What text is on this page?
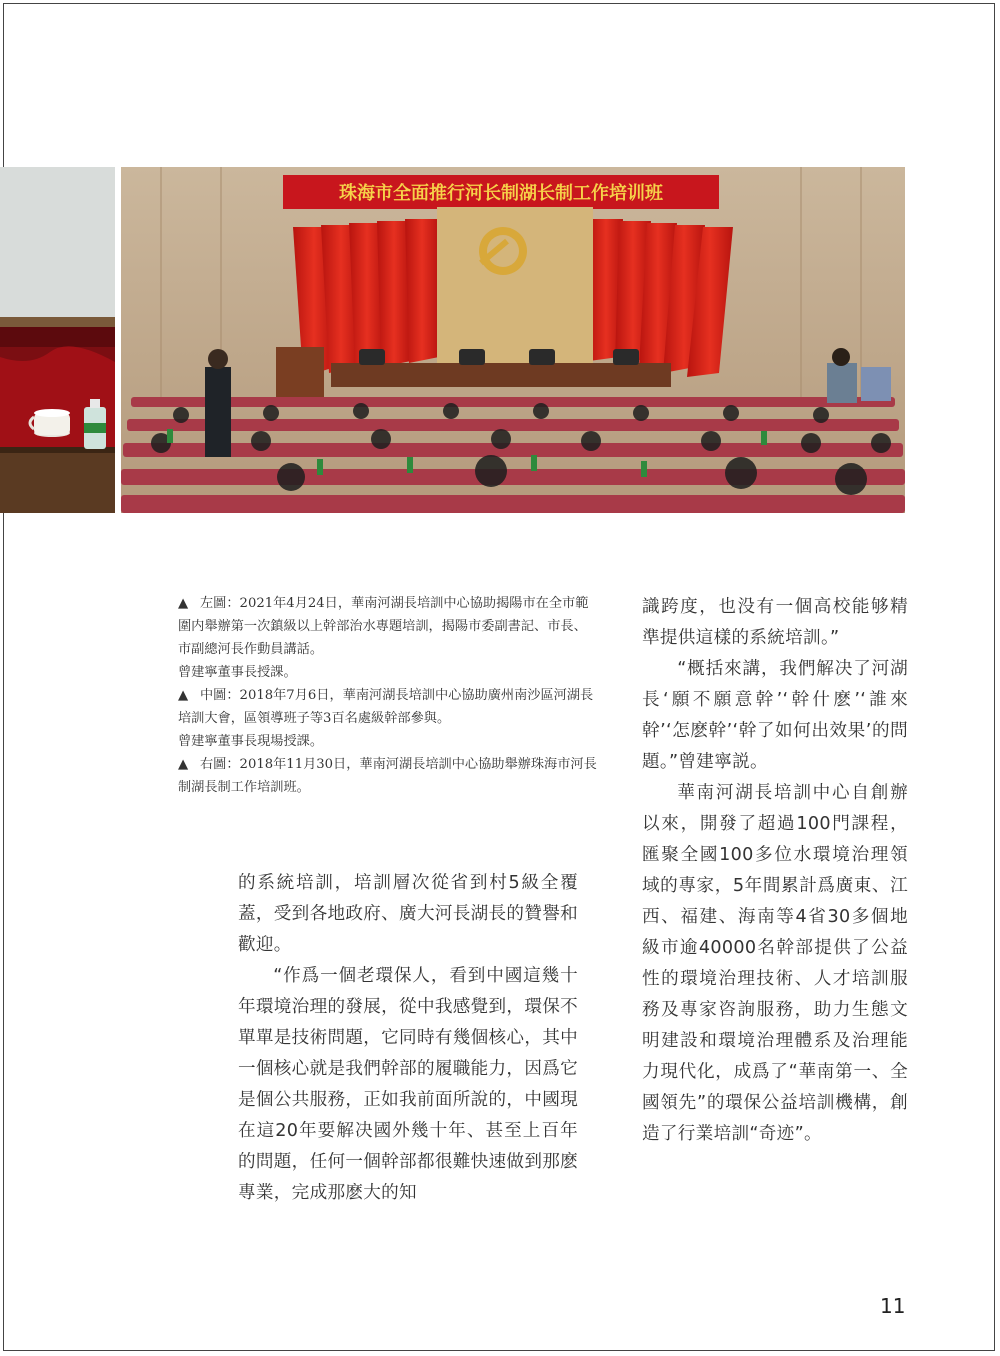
珠海市全面推行河长制湖长制工作培训班

▲ 左圖：2021年4月24日，華南河湖長培訓中心協助揭陽市在全市範圍内舉辦第一次鎮級以上幹部治水專題培訓，揭陽市委副書記、市長、市副總河長作動員講話。
曾建寧董事長授課。

▲ 中圖：2018年7月6日，華南河湖長培訓中心協助廣州南沙區河湖長培訓大會，區領導班子等3百名處級幹部參與。
曾建寧董事長現場授課。

▲ 右圖：2018年11月30日，華南河湖長培訓中心協助舉辦珠海市河長制湖長制工作培訓班。

的系統培訓，培訓層次從省到村5級全覆蓋，受到各地政府、廣大河長湖長的贊譽和歡迎。

“作爲一個老環保人，看到中國這幾十年環境治理的發展，從中我感覺到，環保不單單是技術問題，它同時有幾個核心，其中一個核心就是我們幹部的履職能力，因爲它是個公共服務，正如我前面所說的，中國現在這20年要解决國外幾十年、甚至上百年的問題，任何一個幹部都很難快速做到那麽專業，完成那麽大的知

識跨度，也没有一個高校能够精準提供這樣的系統培訓。”

“概括來講，我們解决了河湖長‘願不願意幹’‘幹什麽’‘誰來幹’‘怎麽幹’‘幹了如何出效果’的問題。”曾建寧説。

華南河湖長培訓中心自創辦以來，開發了超過100門課程，匯聚全國100多位水環境治理領域的專家，5年間累計爲廣東、江西、福建、海南等4省30多個地級市逾40000名幹部提供了公益性的環境治理技術、人才培訓服務及專家咨詢服務，助力生態文明建設和環境治理體系及治理能力現代化，成爲了“華南第一、全國領先”的環保公益培訓機構，創造了行業培訓“奇迹”。

11
